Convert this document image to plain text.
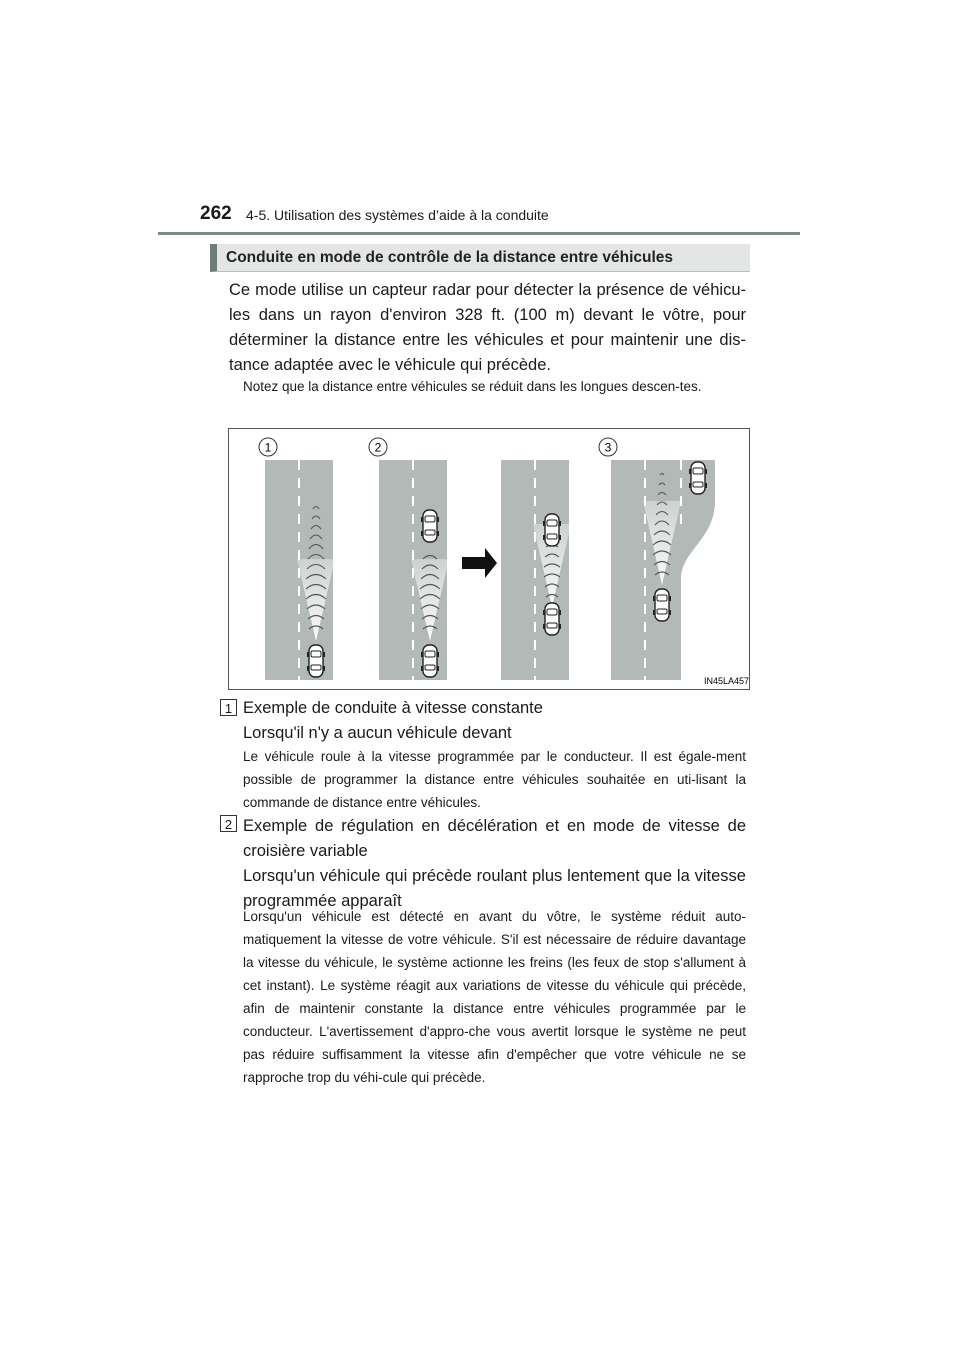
262 4-5. Utilisation des systèmes d’aide à la conduite
Conduite en mode de contrôle de la distance entre véhicules
Ce mode utilise un capteur radar pour détecter la présence de véhicu-les dans un rayon d'environ 328 ft. (100 m) devant le vôtre, pour déterminer la distance entre les véhicules et pour maintenir une dis-tance adaptée avec le véhicule qui précède.
Notez que la distance entre véhicules se réduit dans les longues descen-tes.
1	2	3
IN45LA457
1 Exemple de conduite à vitesse constante
Lorsqu'il n'y a aucun véhicule devant
Le véhicule roule à la vitesse programmée par le conducteur. Il est égale-ment possible de programmer la distance entre véhicules souhaitée en uti-lisant la commande de distance entre véhicules.
2 Exemple de régulation en décélération et en mode de vitesse de croisière variable
Lorsqu'un véhicule qui précède roulant plus lentement que la vitesse programmée apparaît
Lorsqu'un véhicule est détecté en avant du vôtre, le système réduit auto-matiquement la vitesse de votre véhicule. S'il est nécessaire de réduire davantage la vitesse du véhicule, le système actionne les freins (les feux de stop s'allument à cet instant). Le système réagit aux variations de vitesse du véhicule qui précède, afin de maintenir constante la distance entre véhicules programmée par le conducteur. L'avertissement d'appro-che vous avertit lorsque le système ne peut pas réduire suffisamment la vitesse afin d'empêcher que votre véhicule ne se rapproche trop du véhi-cule qui précède.
